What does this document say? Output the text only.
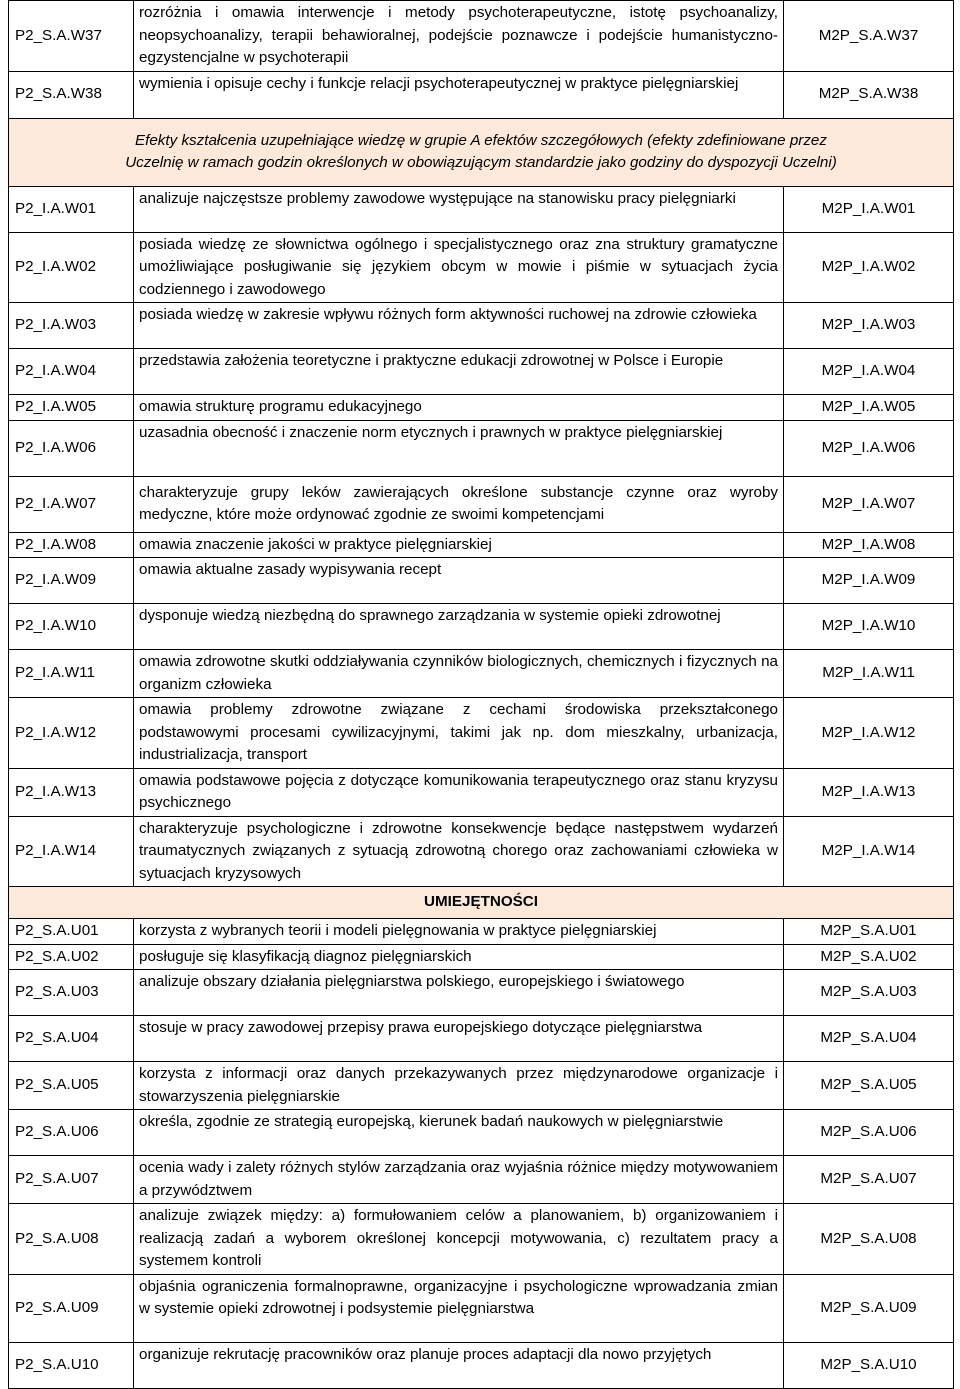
P2_S.A.W37	rozróżnia i omawia interwencje i metody psychoterapeutyczne, istotę psychoanalizy, neopsychoanalizy, terapii behawioralnej, podejście poznawcze i podejście humanistyczno-egzystencjalne w psychoterapii	M2P_S.A.W37
P2_S.A.W38	wymienia i opisuje cechy i funkcje relacji psychoterapeutycznej w praktyce pielęgniarskiej	M2P_S.A.W38
Efekty kształcenia uzupełniające wiedzę w grupie A efektów szczegółowych (efekty zdefiniowane przez Uczelnię w ramach godzin określonych w obowiązującym standardzie jako godziny do dyspozycji Uczelni)		
P2_I.A.W01	analizuje najczęstsze problemy zawodowe występujące na stanowisku pracy pielęgniarki	M2P_I.A.W01
P2_I.A.W02	posiada wiedzę ze słownictwa ogólnego i specjalistycznego oraz zna struktury gramatyczne umożliwiające posługiwanie się językiem obcym w mowie i piśmie w sytuacjach życia codziennego i zawodowego	M2P_I.A.W02
P2_I.A.W03	posiada wiedzę w zakresie wpływu różnych form aktywności ruchowej na zdrowie człowieka	M2P_I.A.W03
P2_I.A.W04	przedstawia założenia teoretyczne i praktyczne edukacji zdrowotnej w Polsce i Europie	M2P_I.A.W04
P2_I.A.W05	omawia strukturę programu edukacyjnego	M2P_I.A.W05
P2_I.A.W06	uzasadnia obecność i znaczenie norm etycznych i prawnych w praktyce pielęgniarskiej	M2P_I.A.W06
P2_I.A.W07	charakteryzuje grupy leków zawierających określone substancje czynne oraz wyroby medyczne, które może ordynować zgodnie ze swoimi kompetencjami	M2P_I.A.W07
P2_I.A.W08	omawia znaczenie jakości w praktyce pielęgniarskiej	M2P_I.A.W08
P2_I.A.W09	omawia aktualne zasady wypisywania recept	M2P_I.A.W09
P2_I.A.W10	dysponuje wiedzą niezbędną do sprawnego zarządzania w systemie opieki zdrowotnej	M2P_I.A.W10
P2_I.A.W11	omawia zdrowotne skutki oddziaływania czynników biologicznych, chemicznych i fizycznych na organizm człowieka	M2P_I.A.W11
P2_I.A.W12	omawia problemy zdrowotne związane z cechami środowiska przekształconego podstawowymi procesami cywilizacyjnymi, takimi jak np. dom mieszkalny, urbanizacja, industrializacja, transport	M2P_I.A.W12
P2_I.A.W13	omawia podstawowe pojęcia z dotyczące komunikowania terapeutycznego oraz stanu kryzysu psychicznego	M2P_I.A.W13
P2_I.A.W14	charakteryzuje psychologiczne i zdrowotne konsekwencje będące następstwem wydarzeń traumatycznych związanych z sytuacją zdrowotną chorego oraz zachowaniami człowieka w sytuacjach kryzysowych	M2P_I.A.W14
UMIEJĘTNOŚCI		
P2_S.A.U01	korzysta z wybranych teorii i modeli pielęgnowania w praktyce pielęgniarskiej	M2P_S.A.U01
P2_S.A.U02	posługuje się klasyfikacją diagnoz pielęgniarskich	M2P_S.A.U02
P2_S.A.U03	analizuje obszary działania pielęgniarstwa polskiego, europejskiego i światowego	M2P_S.A.U03
P2_S.A.U04	stosuje w pracy zawodowej przepisy prawa europejskiego dotyczące pielęgniarstwa	M2P_S.A.U04
P2_S.A.U05	korzysta z informacji oraz danych przekazywanych przez międzynarodowe organizacje i stowarzyszenia pielęgniarskie	M2P_S.A.U05
P2_S.A.U06	określa, zgodnie ze strategią europejską, kierunek badań naukowych w pielęgniarstwie	M2P_S.A.U06
P2_S.A.U07	ocenia wady i zalety różnych stylów zarządzania oraz wyjaśnia różnice między motywowaniem a przywództwem	M2P_S.A.U07
P2_S.A.U08	analizuje związek między: a) formułowaniem celów a planowaniem, b) organizowaniem i realizacją zadań a wyborem określonej koncepcji motywowania, c) rezultatem pracy a systemem kontroli	M2P_S.A.U08
P2_S.A.U09	objaśnia ograniczenia formalnoprawne, organizacyjne i psychologiczne wprowadzania zmian w systemie opieki zdrowotnej i podsystemie pielęgniarstwa	M2P_S.A.U09
P2_S.A.U10	organizuje rekrutację pracowników oraz planuje proces adaptacji dla nowo przyjętych	M2P_S.A.U10
